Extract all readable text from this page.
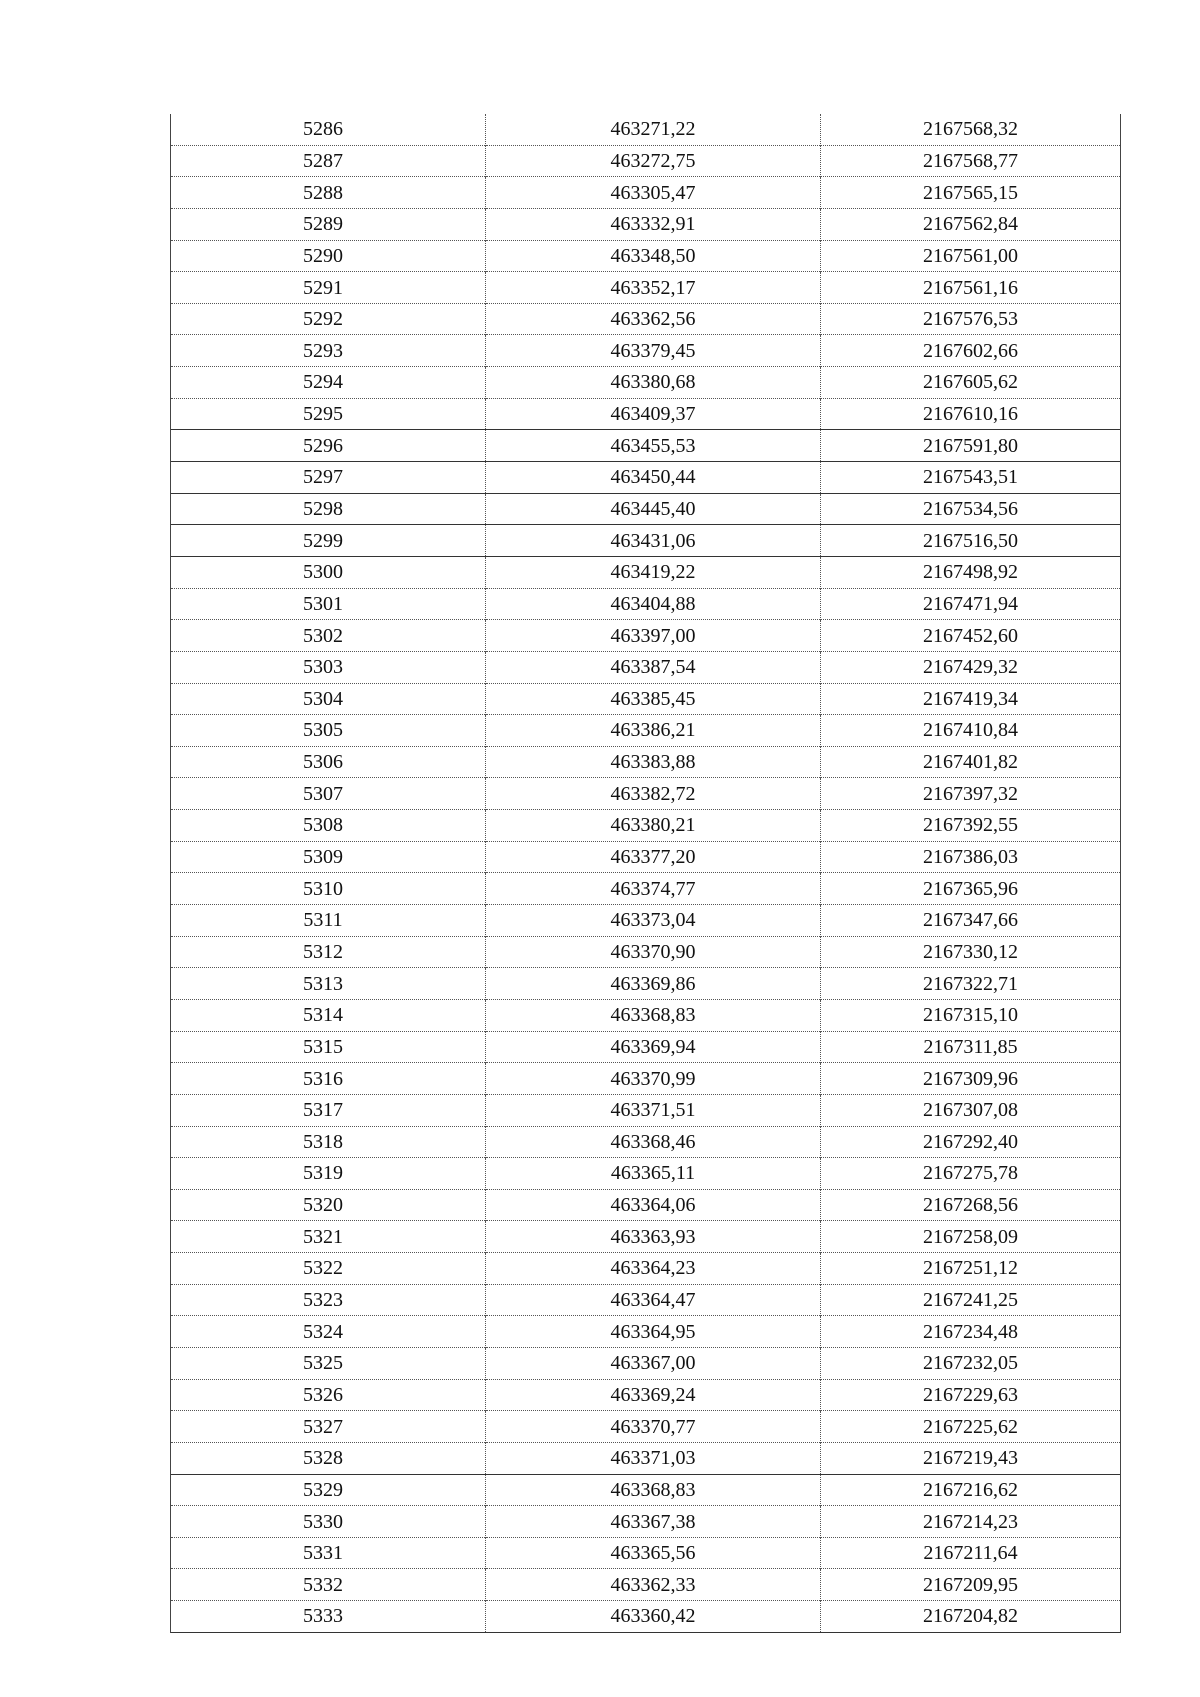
5286	463271,22	2167568,32
5287	463272,75	2167568,77
5288	463305,47	2167565,15
5289	463332,91	2167562,84
5290	463348,50	2167561,00
5291	463352,17	2167561,16
5292	463362,56	2167576,53
5293	463379,45	2167602,66
5294	463380,68	2167605,62
5295	463409,37	2167610,16
5296	463455,53	2167591,80
5297	463450,44	2167543,51
5298	463445,40	2167534,56
5299	463431,06	2167516,50
5300	463419,22	2167498,92
5301	463404,88	2167471,94
5302	463397,00	2167452,60
5303	463387,54	2167429,32
5304	463385,45	2167419,34
5305	463386,21	2167410,84
5306	463383,88	2167401,82
5307	463382,72	2167397,32
5308	463380,21	2167392,55
5309	463377,20	2167386,03
5310	463374,77	2167365,96
5311	463373,04	2167347,66
5312	463370,90	2167330,12
5313	463369,86	2167322,71
5314	463368,83	2167315,10
5315	463369,94	2167311,85
5316	463370,99	2167309,96
5317	463371,51	2167307,08
5318	463368,46	2167292,40
5319	463365,11	2167275,78
5320	463364,06	2167268,56
5321	463363,93	2167258,09
5322	463364,23	2167251,12
5323	463364,47	2167241,25
5324	463364,95	2167234,48
5325	463367,00	2167232,05
5326	463369,24	2167229,63
5327	463370,77	2167225,62
5328	463371,03	2167219,43
5329	463368,83	2167216,62
5330	463367,38	2167214,23
5331	463365,56	2167211,64
5332	463362,33	2167209,95
5333	463360,42	2167204,82
